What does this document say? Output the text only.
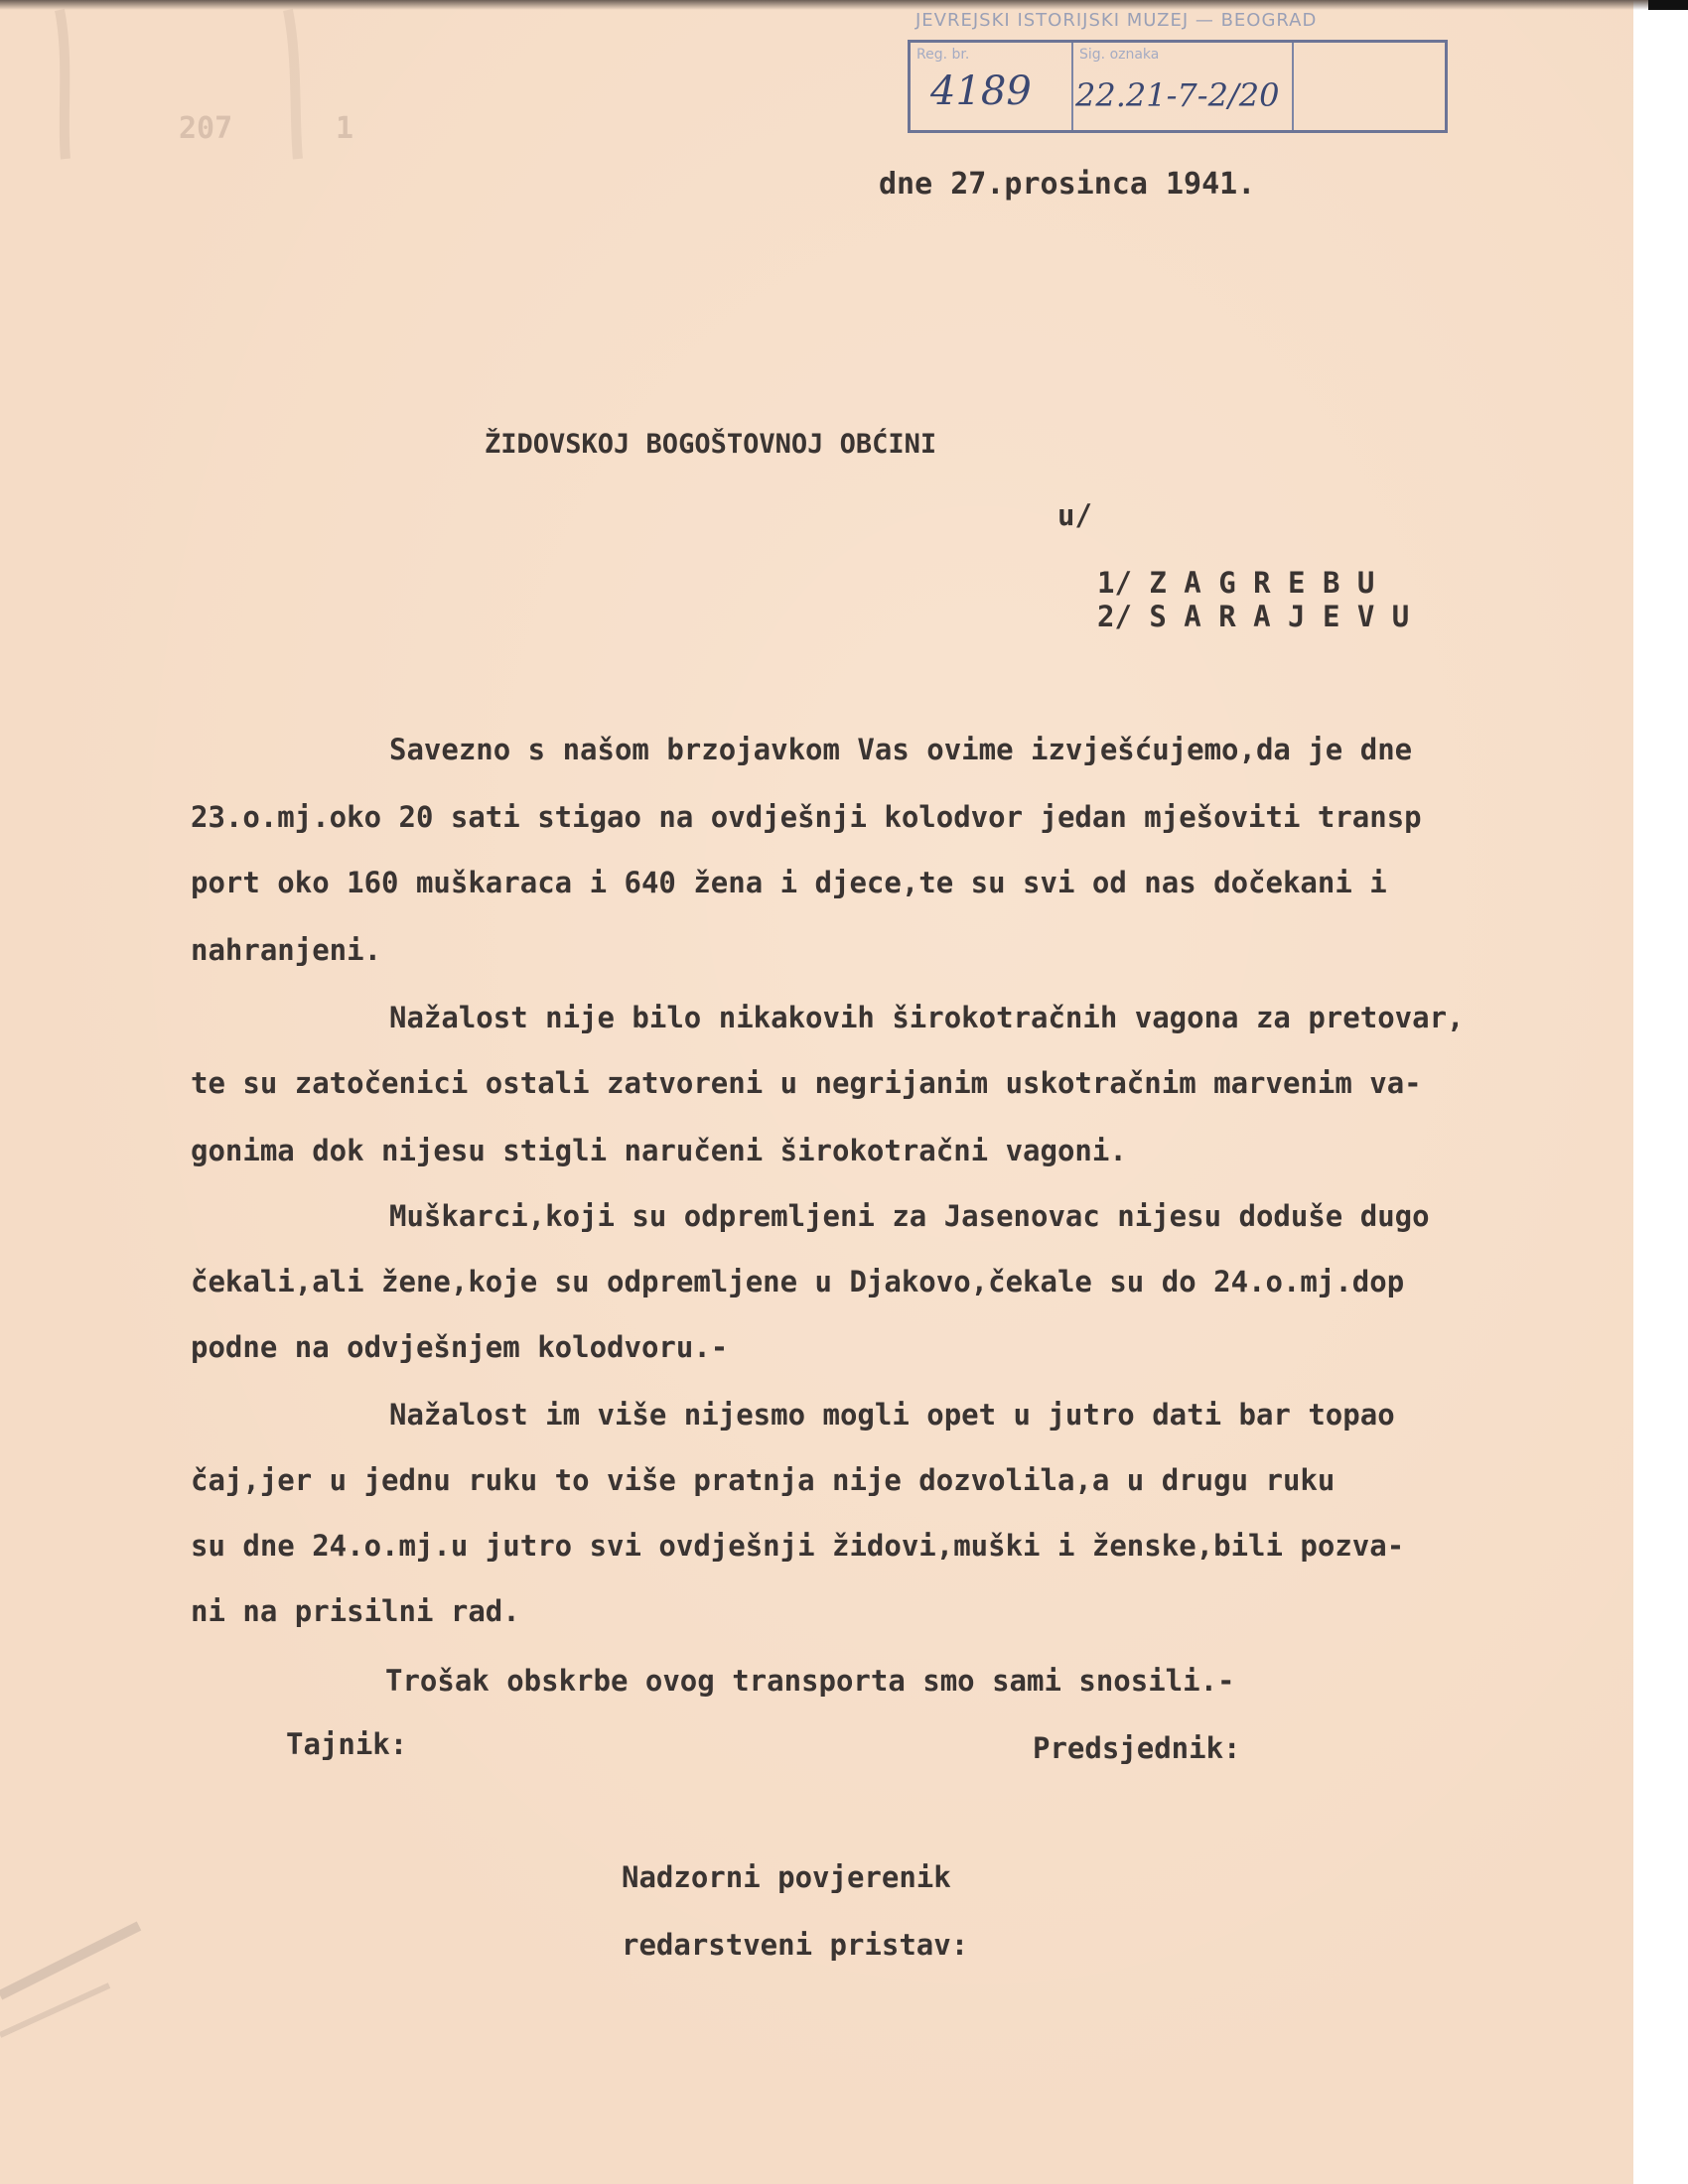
JEVREJSKI ISTORIJSKI MUZEJ — BEOGRAD
Reg. br.	Sig. oznaka
4189 22.21-7-2/20
207	1
dne 27.prosinca 1941.
ŽIDOVSKOJ BOGOŠTOVNOJ OBĆINI
u/
1/ Z A G R E B U
2/ S A R A J E V U
Savezno s našom brzojavkom Vas ovime izvješćujemo,da je dne
23.o.mj.oko 20 sati stigao na ovdješnji kolodvor jedan mješoviti transp
port oko 160 muškaraca i 640 žena i djece,te su svi od nas dočekani i
nahranjeni.
Nažalost nije bilo nikakovih širokotračnih vagona za pretovar,
te su zatočenici ostali zatvoreni u negrijanim uskotračnim marvenim va-
gonima dok nijesu stigli naručeni širokotračni vagoni.
Muškarci,koji su odpremljeni za Jasenovac nijesu doduše dugo
čekali,ali žene,koje su odpremljene u Djakovo,čekale su do 24.o.mj.dop
podne na odvješnjem kolodvoru.-
Nažalost im više nijesmo mogli opet u jutro dati bar topao
čaj,jer u jednu ruku to više pratnja nije dozvolila,a u drugu ruku
su dne 24.o.mj.u jutro svi ovdješnji židovi,muški i ženske,bili pozva-
ni na prisilni rad.
Trošak obskrbe ovog transporta smo sami snosili.-
Tajnik:	Predsjednik:
Nadzorni povjerenik
redarstveni pristav:
